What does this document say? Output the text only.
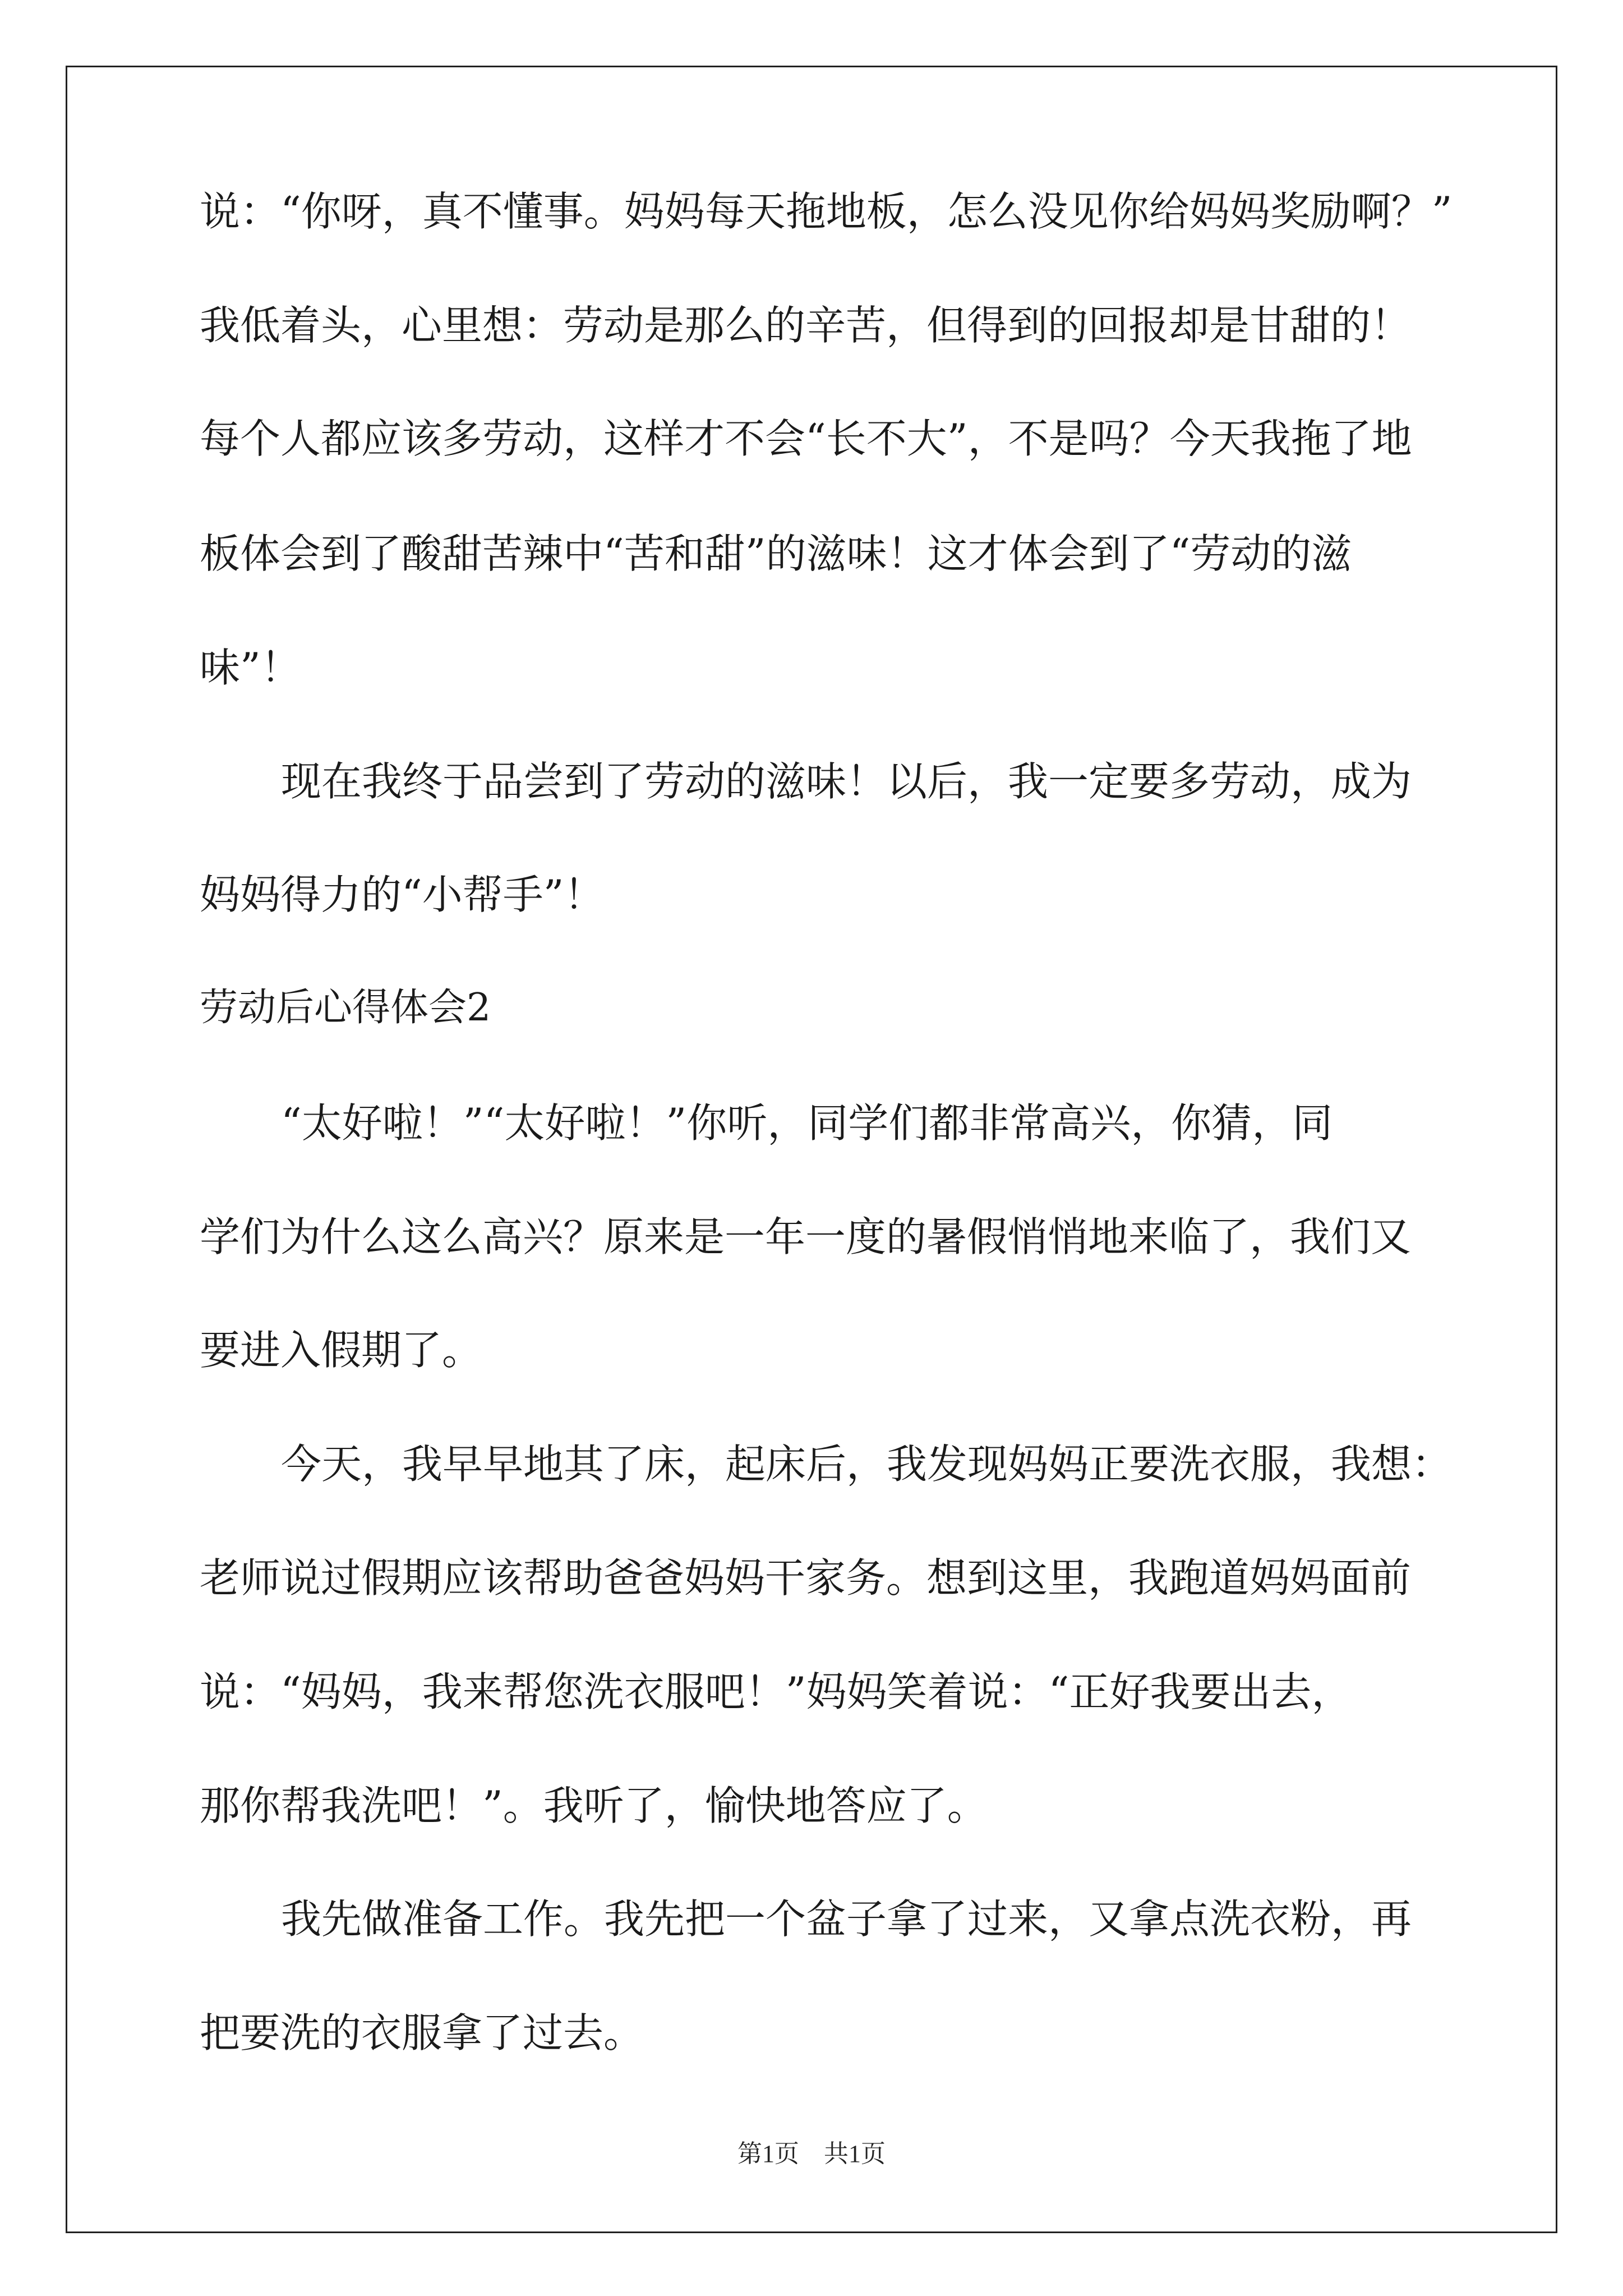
说：“你呀，真不懂事。妈妈每天拖地板，怎么没见你给妈妈奖励啊？”
我低着头，心里想：劳动是那么的辛苦，但得到的回报却是甘甜的！
每个人都应该多劳动，这样才不会“长不大”，不是吗？今天我拖了地
板体会到了酸甜苦辣中“苦和甜”的滋味！这才体会到了“劳动的滋
味”！
现在我终于品尝到了劳动的滋味！以后，我一定要多劳动，成为
妈妈得力的“小帮手”！
劳动后心得体会2
“太好啦！”“太好啦！”你听，同学们都非常高兴，你猜，同
学们为什么这么高兴？原来是一年一度的暑假悄悄地来临了，我们又
要进入假期了。
今天，我早早地其了床，起床后，我发现妈妈正要洗衣服，我想：
老师说过假期应该帮助爸爸妈妈干家务。想到这里，我跑道妈妈面前
说：“妈妈，我来帮您洗衣服吧！”妈妈笑着说：“正好我要出去，
那你帮我洗吧！”。我听了，愉快地答应了。
我先做准备工作。我先把一个盆子拿了过来，又拿点洗衣粉，再
把要洗的衣服拿了过去。
第1页　共1页
